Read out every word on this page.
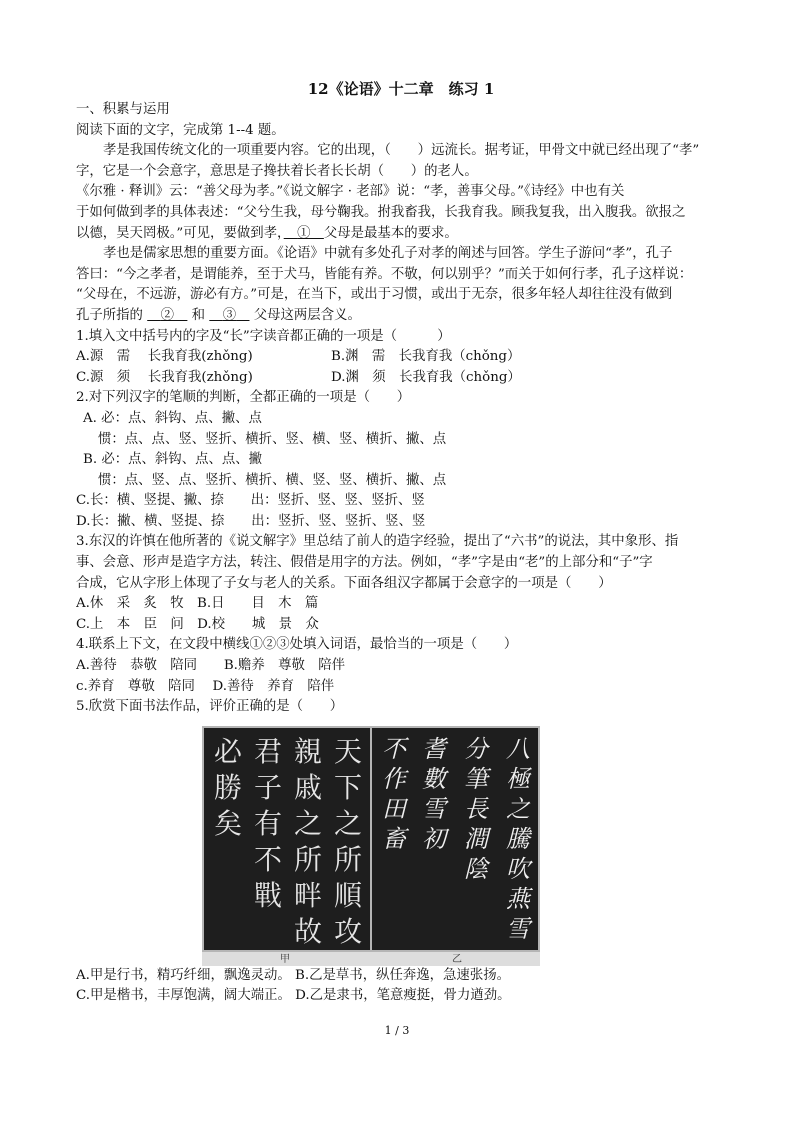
12《论语》十二章　练习 1
一、积累与运用
阅读下面的文字，完成第 1--4 题。
孝是我国传统文化的一项重要内容。它的出现，（　　）远流长。据考证，甲骨文中就已经出现了“孝”
字，它是一个会意字，意思是子搀扶着长者长长胡（　　）的老人。
《尔雅 · 释训》云：“善父母为孝。”《说文解字 · 老部》说：“孝，善事父母。”《诗经》中也有关
于如何做到孝的具体表述：“父兮生我，母兮鞠我。拊我畜我，长我育我。顾我复我，出入腹我。欲报之
以德，昊天罔极。”可见，要做到孝，　 ①　 父母是最基本的要求。
孝也是儒家思想的重要方面。《论语》中就有多处孔子对孝的阐述与回答。学生子游问“孝”，孔子
答曰：“今之孝者，是谓能养，至于犬马，皆能有养。不敬，何以别乎？”而关于如何行孝，孔子这样说：
“父母在，不远游，游必有方。”可是，在当下，或出于习惯，或出于无奈，很多年轻人却往往没有做到
孔子所指的 　 ②　 和 　 ③　 父母这两层含义。
1.填入文中括号内的字及“长”字读音都正确的一项是（　　　）
A.源　需　 长我育我(zhǒng)	B.渊　需　长我育我（chǒng）
C.源　须　 长我育我(zhǒng)	D.渊　须　长我育我（chǒng）
2.对下列汉字的笔顺的判断，全都正确的一项是（　　）
A. 必：点、斜钩、点、撇、点
惯：点、点、竖、竖折、横折、竖、横、竖、横折、撇、点
B. 必：点、斜钩、点、点、撇
惯：点、竖、点、竖折、横折、横、竖、竖、横折、撇、点
C.长：横、竖提、撇、捺　　出：竖折、竖、竖、竖折、竖
D.长：撇、横、竖提、捺　　出：竖折、竖、竖折、竖、竖
3.东汉的许慎在他所著的《说文解字》里总结了前人的造字经验，提出了“六书”的说法，其中象形、指
事、会意、形声是造字方法，转注、假借是用字的方法。例如，“孝”字是由“老”的上部分和“子”字
合成，它从字形上体现了子女与老人的关系。下面各组汉字都属于会意字的一项是（　　）
A.休　采　炙　牧　B.日　　目　木　篇
C.上　本　臣　问　D.校　　城　景　众
4.联系上下文，在文段中横线①②③处填入词语，最恰当的一项是（　　）
A.善待　恭敬　陪同　　B.赡养　尊敬　陪伴
c.养育　尊敬　陪同　 D.善待　养育　陪伴
5.欣赏下面书法作品，评价正确的是（　　）
必勝矣
君子有不戰
親戚之所畔故
天下之所順攻
不作田畜
耆數雪初
分筆長澗陰
八極之騰吹燕雪
甲	乙
A.甲是行书，精巧纤细，飘逸灵动。 B.乙是草书，纵任奔逸，急速张扬。
C.甲是楷书，丰厚饱满，阔大端正。 D.乙是隶书，笔意瘦挺，骨力遒劲。
1 / 3
